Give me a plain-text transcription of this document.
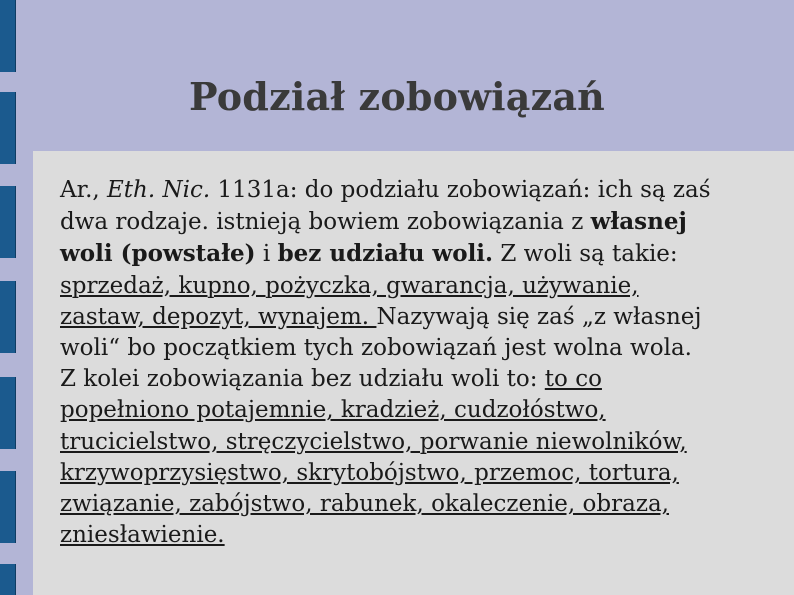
Podział zobowiązań
Ar., Eth. Nic. 1131a: do podziału zobowiązań: ich są zaś
dwa rodzaje. istnieją bowiem zobowiązania z własnej
woli (powstałe) i bez udziału woli. Z woli są takie:
sprzedaż, kupno, pożyczka, gwarancja, używanie,
zastaw, depozyt, wynajem. Nazywają się zaś „z własnej
woli“ bo początkiem tych zobowiązań jest wolna wola.
Z kolei zobowiązania bez udziału woli to: to co
popełniono potajemnie, kradzież, cudzołóstwo,
trucicielstwo, stręczycielstwo, porwanie niewolników,
krzywoprzysięstwo, skrytobójstwo, przemoc, tortura,
związanie, zabójstwo, rabunek, okaleczenie, obraza,
zniesławienie.
